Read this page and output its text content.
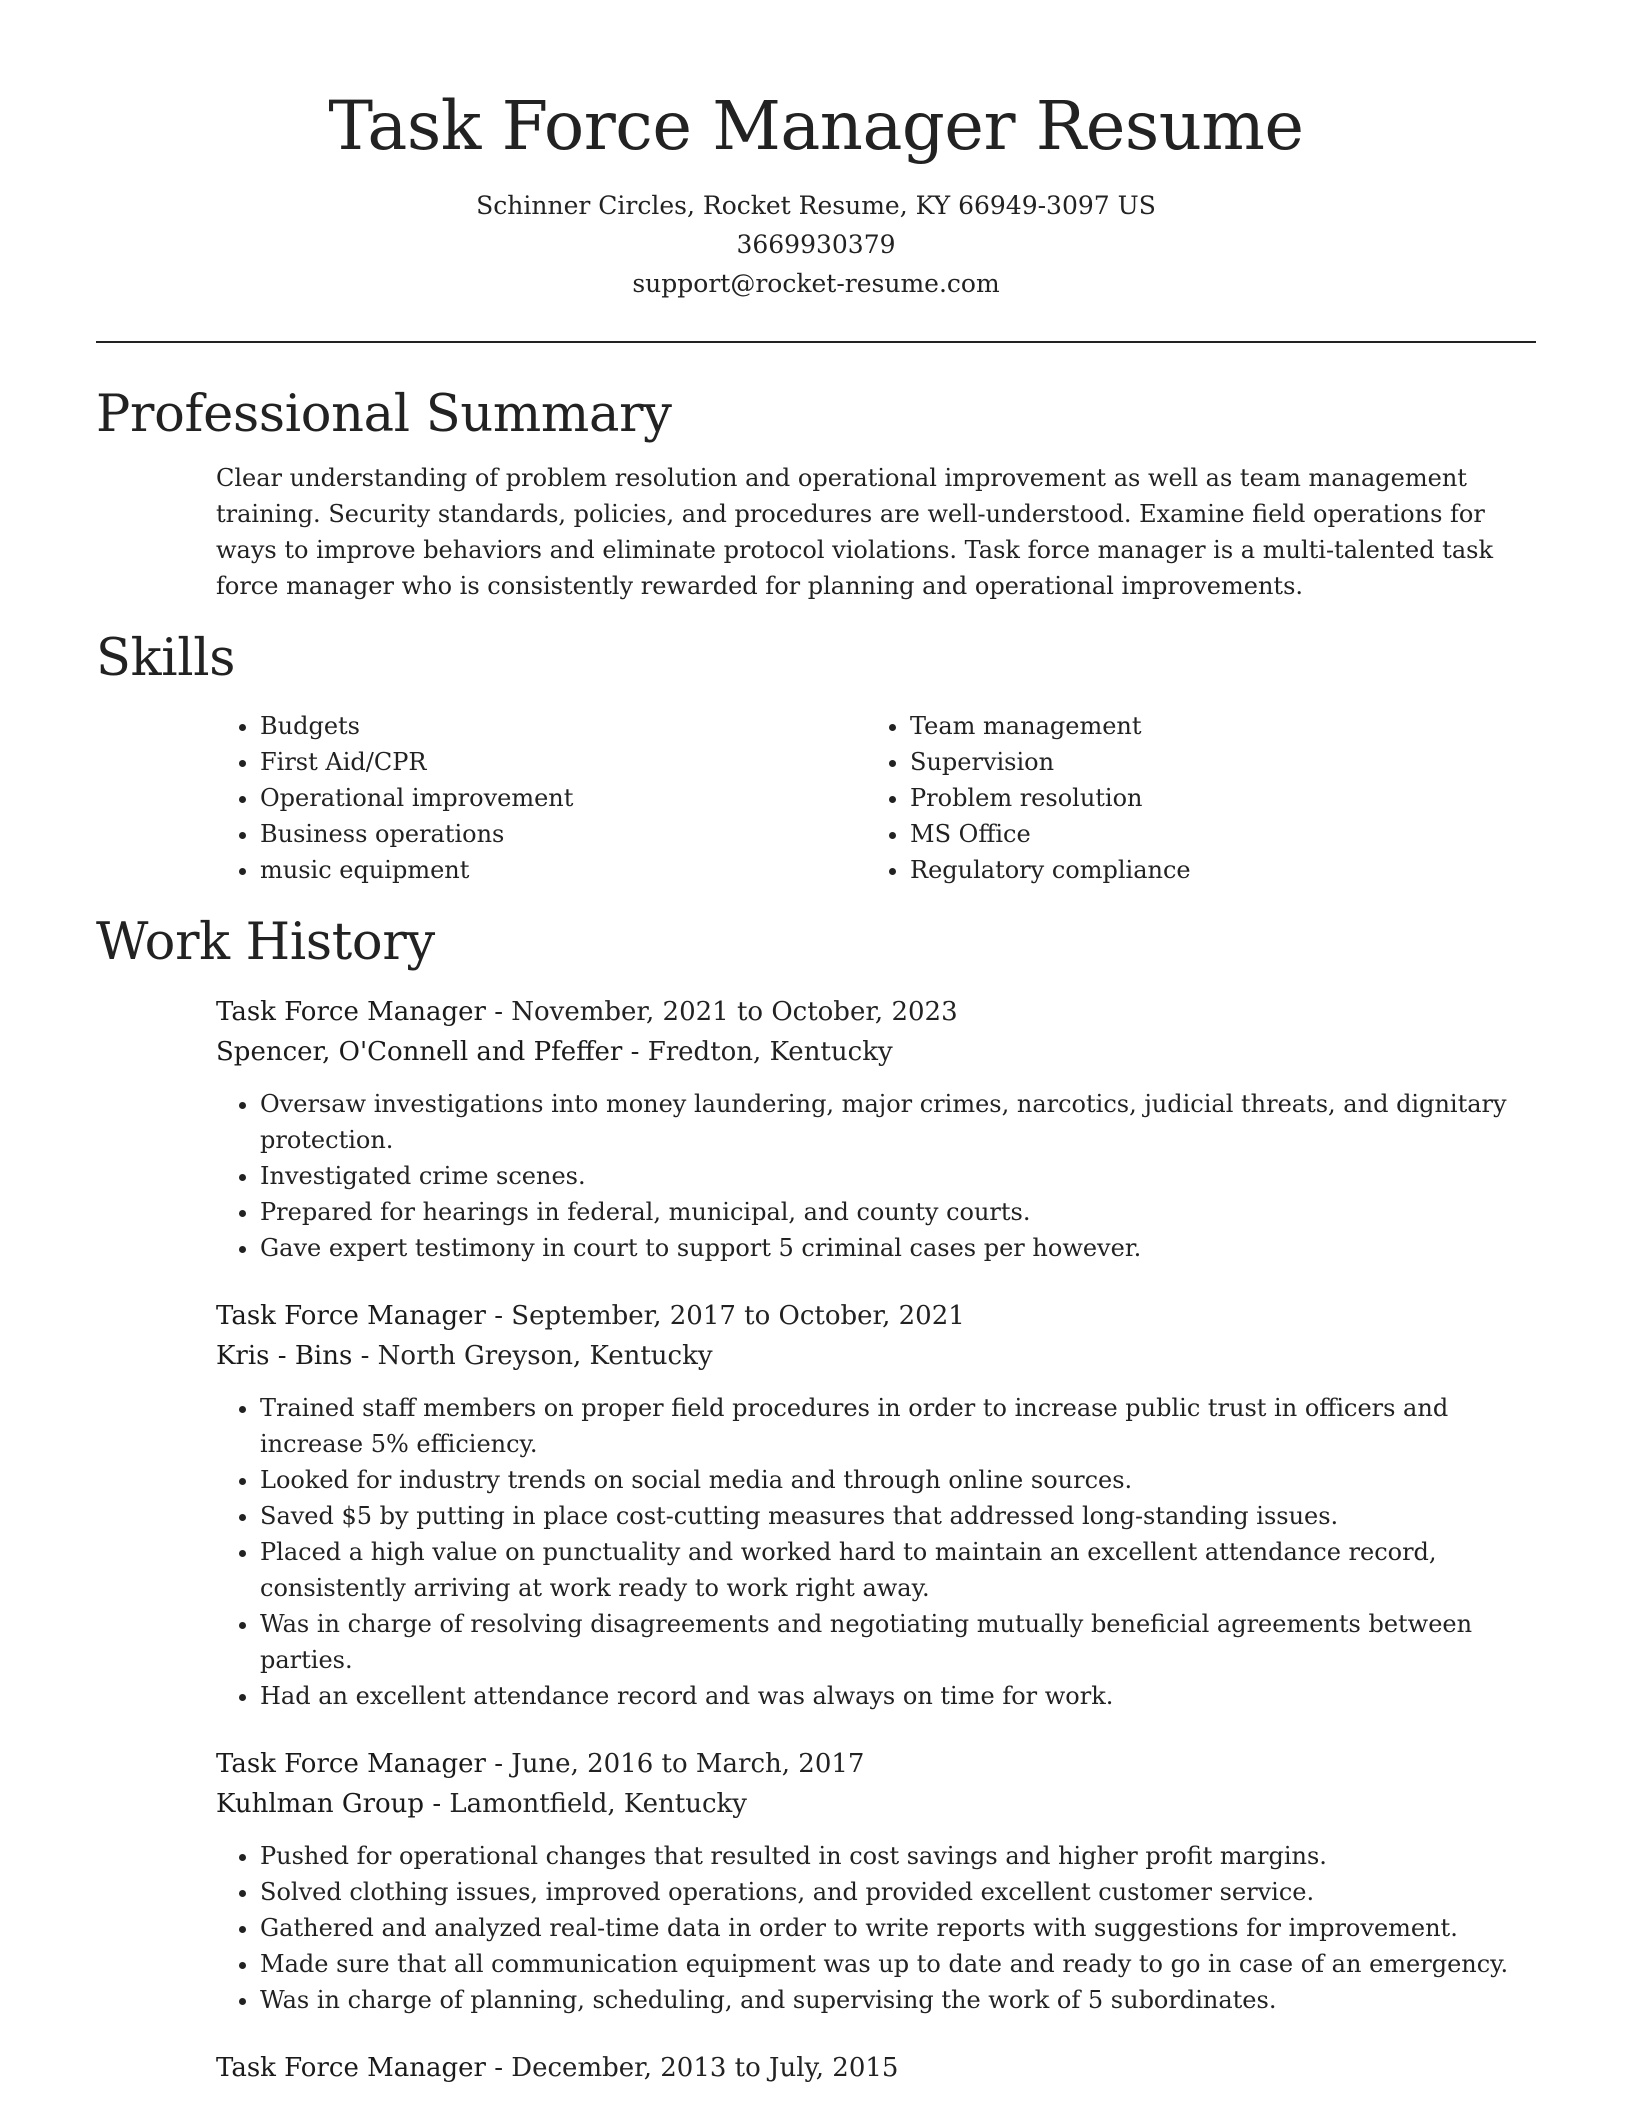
Task Force Manager Resume

Schinner Circles, Rocket Resume, KY 66949-3097 US

3669930379

support@rocket-resume.com

Professional Summary

Clear understanding of problem resolution and operational improvement as well as team management training. Security standards, policies, and procedures are well-understood. Examine field operations for ways to improve behaviors and eliminate protocol violations. Task force manager is a multi-talented task force manager who is consistently rewarded for planning and operational improvements.

Skills
• Budgets
• First Aid/CPR
• Operational improvement
• Business operations
• music equipment
• Team management
• Supervision
• Problem resolution
• MS Office
• Regulatory compliance
Work History

Task Force Manager - November, 2021 to October, 2023

Spencer, O'Connell and Pfeffer - Fredton, Kentucky

• Oversaw investigations into money laundering, major crimes, narcotics, judicial threats, and dignitary protection.
• Investigated crime scenes.
• Prepared for hearings in federal, municipal, and county courts.
• Gave expert testimony in court to support 5 criminal cases per however.

Task Force Manager - September, 2017 to October, 2021

Kris - Bins - North Greyson, Kentucky

• Trained staff members on proper field procedures in order to increase public trust in officers and increase 5% efficiency.
• Looked for industry trends on social media and through online sources.
• Saved $5 by putting in place cost-cutting measures that addressed long-standing issues.
• Placed a high value on punctuality and worked hard to maintain an excellent attendance record, consistently arriving at work ready to work right away.
• Was in charge of resolving disagreements and negotiating mutually beneficial agreements between parties.
• Had an excellent attendance record and was always on time for work.

Task Force Manager - June, 2016 to March, 2017

Kuhlman Group - Lamontfield, Kentucky

• Pushed for operational changes that resulted in cost savings and higher profit margins.
• Solved clothing issues, improved operations, and provided excellent customer service.
• Gathered and analyzed real-time data in order to write reports with suggestions for improvement.
• Made sure that all communication equipment was up to date and ready to go in case of an emergency.
• Was in charge of planning, scheduling, and supervising the work of 5 subordinates.

Task Force Manager - December, 2013 to July, 2015
